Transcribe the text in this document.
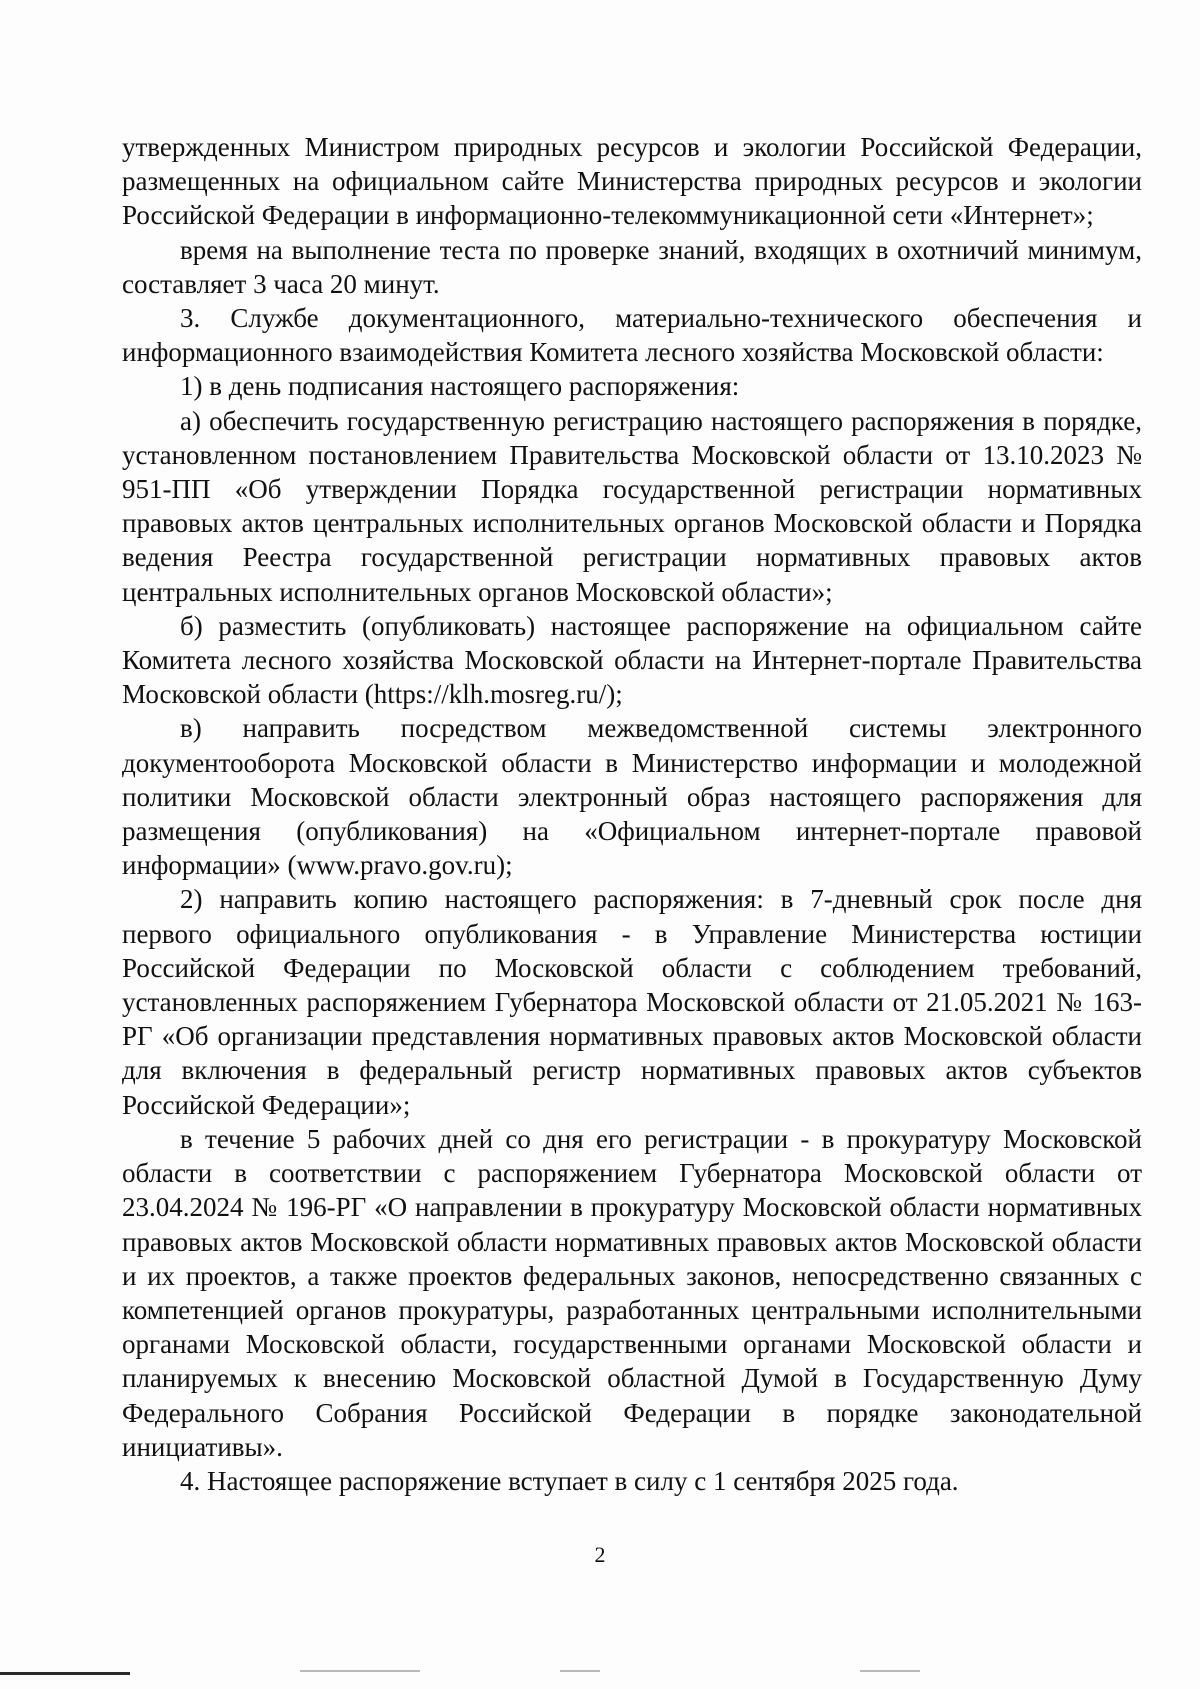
утвержденных Министром природных ресурсов и экологии Российской Федерации, размещенных на официальном сайте Министерства природных ресурсов и экологии Российской Федерации в информационно-телекоммуникационной сети «Интернет»;

время на выполнение теста по проверке знаний, входящих в охотничий минимум, составляет 3 часа 20 минут.

3. Службе документационного, материально-технического обеспечения и информационного взаимодействия Комитета лесного хозяйства Московской области:

1) в день подписания настоящего распоряжения:

а) обеспечить государственную регистрацию настоящего распоряжения в порядке, установленном постановлением Правительства Московской области от 13.10.2023 № 951-ПП «Об утверждении Порядка государственной регистрации нормативных правовых актов центральных исполнительных органов Московской области и Порядка ведения Реестра государственной регистрации нормативных правовых актов центральных исполнительных органов Московской области»;

б) разместить (опубликовать) настоящее распоряжение на официальном сайте Комитета лесного хозяйства Московской области на Интернет-портале Правительства Московской области (https://klh.mosreg.ru/);

в) направить посредством межведомственной системы электронного документооборота Московской области в Министерство информации и молодежной политики Московской области электронный образ настоящего распоряжения для размещения (опубликования) на «Официальном интернет-портале правовой информации» (www.pravo.gov.ru);

2) направить копию настоящего распоряжения: в 7-дневный срок после дня первого официального опубликования - в Управление Министерства юстиции Российской Федерации по Московской области с соблюдением требований, установленных распоряжением Губернатора Московской области от 21.05.2021 № 163-РГ «Об организации представления нормативных правовых актов Московской области для включения в федеральный регистр нормативных правовых актов субъектов Российской Федерации»;

в течение 5 рабочих дней со дня его регистрации - в прокуратуру Московской области в соответствии с распоряжением Губернатора Московской области от 23.04.2024 № 196-РГ «О направлении в прокуратуру Московской области нормативных правовых актов Московской области нормативных правовых актов Московской области и их проектов, а также проектов федеральных законов, непосредственно связанных с компетенцией органов прокуратуры, разработанных центральными исполнительными органами Московской области, государственными органами Московской области и планируемых к внесению Московской областной Думой в Государственную Думу Федерального Собрания Российской Федерации в порядке законодательной инициативы».

4. Настоящее распоряжение вступает в силу с 1 сентября 2025 года.

2
